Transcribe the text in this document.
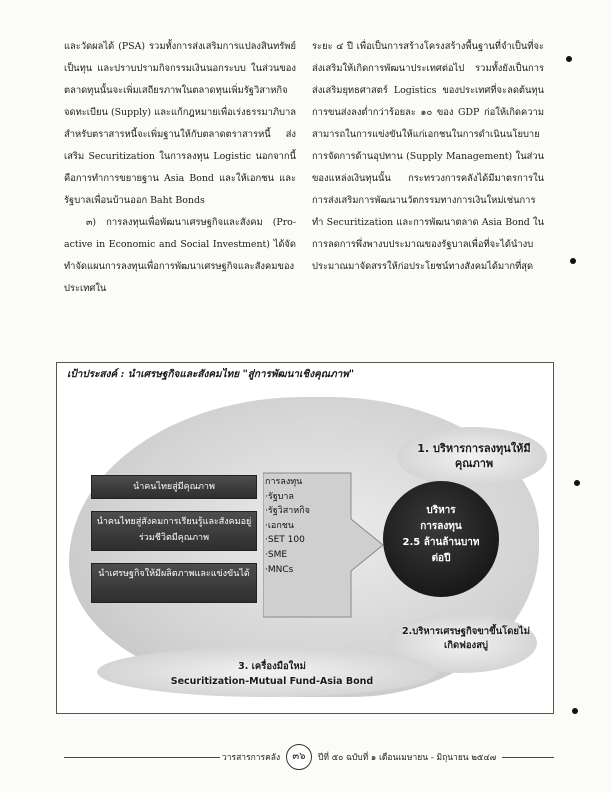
และวัดผลได้ (PSA) รวมทั้งการส่งเสริมการแปลงสินทรัพย์เป็นทุน และปราบปรามกิจกรรมเงินนอกระบบ ในส่วนของตลาดทุนนั้นจะเพิ่มเสถียรภาพในตลาดทุนเพิ่มรัฐวิสาหกิจจดทะเบียน (Supply) และแก้กฎหมายเพื่อเร่งธรรมาภิบาลสำหรับตราสารหนี้จะเพิ่มฐานให้กับตลาดตราสารหนี้ ส่งเสริม Securitization ในการลงทุน Logistic นอกจากนี้คือการทำการขยายฐาน Asia Bond และให้เอกชน และรัฐบาลเพื่อนบ้านออก Baht Bonds

๓) การลงทุนเพื่อพัฒนาเศรษฐกิจและสังคม (Pro-active in Economic and Social Investment) ได้จัดทำจัดแผนการลงทุนเพื่อการพัฒนาเศรษฐกิจและสังคมของประเทศใน

ระยะ ๔ ปี เพื่อเป็นการสร้างโครงสร้างพื้นฐานที่จำเป็นที่จะส่งเสริมให้เกิดการพัฒนาประเทศต่อไป รวมทั้งยังเป็นการส่งเสริมยุทธศาสตร์ Logistics ของประเทศที่จะลดต้นทุนการขนส่งลงต่ำกว่าร้อยละ ๑๐ ของ GDP ก่อให้เกิดความสามารถในการแข่งขันให้แก่เอกชนในการดำเนินนโยบายการจัดการด้านอุปทาน (Supply Management) ในส่วนของแหล่งเงินทุนนั้น กระทรวงการคลังได้มีมาตรการในการส่งเสริมการพัฒนานวัตกรรมทางการเงินใหม่เช่นการทำ Securitization และการพัฒนาตลาด Asia Bond ในการลดการพึ่งพางบประมาณของรัฐบาลเพื่อที่จะได้นำงบประมาณมาจัดสรรให้ก่อประโยชน์ทางสังคมได้มากที่สุด

เป้าประสงค์ : นำเศรษฐกิจและสังคมไทย "สู่การพัฒนาเชิงคุณภาพ"
นำคนไทยสู่มีคุณภาพ
นำคนไทยสู่สังคมการเรียนรู้และสังคมอยู่ร่วมชีวิตมีคุณภาพ
นำเศรษฐกิจให้มีผลิตภาพและแข่งขันได้
การลงทุน
·รัฐบาล
·รัฐวิสาหกิจ
·เอกชน
·SET 100
·SME
·MNCs
บริหาร
การลงทุน
2.5 ล้านล้านบาท
ต่อปี
1. บริหารการลงทุนให้มีคุณภาพ
2.บริหารเศรษฐกิจขาขึ้นโดยไม่เกิดฟองสบู่
3. เครื่องมือใหม่
Securitization-Mutual Fund-Asia Bond
วารสารการคลัง	๓๖	ปีที่ ๕๐ ฉบับที่ ๑ เดือนเมษายน - มิถุนายน ๒๕๔๗
